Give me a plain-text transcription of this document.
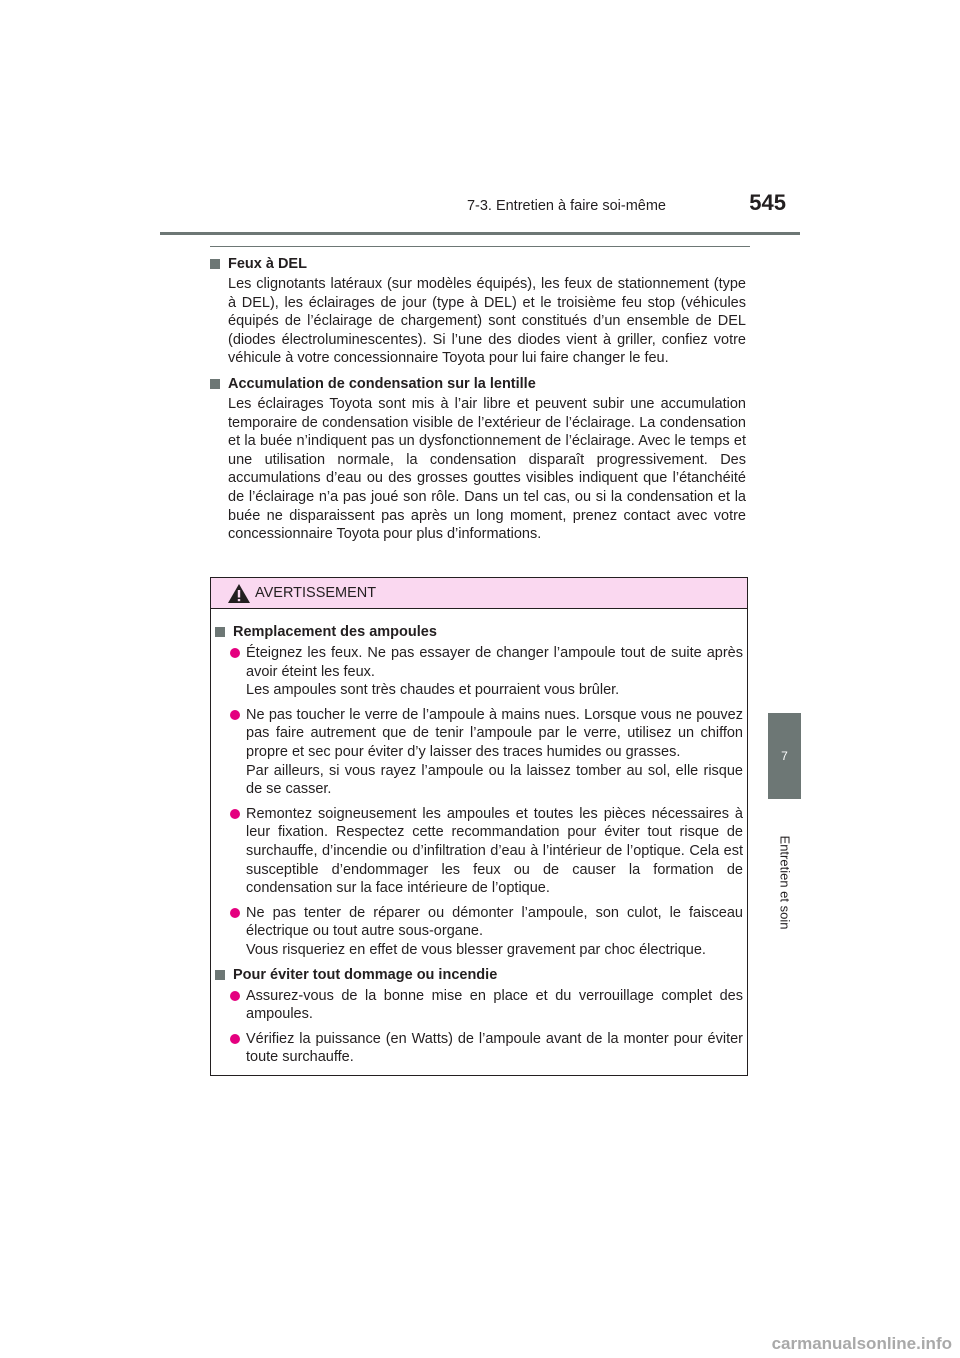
7-3. Entretien à faire soi-même	545
7
Entretien et soin
Feux à DEL

Les clignotants latéraux (sur modèles équipés), les feux de stationnement (type à DEL), les éclairages de jour (type à DEL) et le troisième feu stop (véhicules équipés de l’éclairage de chargement) sont constitués d’un ensemble de DEL (diodes électroluminescentes). Si l’une des diodes vient à griller, confiez votre véhicule à votre concessionnaire Toyota pour lui faire changer le feu.

Accumulation de condensation sur la lentille

Les éclairages Toyota sont mis à l’air libre et peuvent subir une accumulation temporaire de condensation visible de l’extérieur de l’éclairage. La condensation et la buée n’indiquent pas un dysfonctionnement de l’éclairage. Avec le temps et une utilisation normale, la condensation disparaît progressivement. Des accumulations d’eau ou des grosses gouttes visibles indiquent que l’étanchéité de l’éclairage n’a pas joué son rôle. Dans un tel cas, ou si la condensation et la buée ne disparaissent pas après un long moment, prenez contact avec votre concessionnaire Toyota pour plus d’informations.

AVERTISSEMENT
Remplacement des ampoules

Éteignez les feux. Ne pas essayer de changer l’ampoule tout de suite après avoir éteint les feux.

Les ampoules sont très chaudes et pourraient vous brûler.

Ne pas toucher le verre de l’ampoule à mains nues. Lorsque vous ne pouvez pas faire autrement que de tenir l’ampoule par le verre, utilisez un chiffon propre et sec pour éviter d’y laisser des traces humides ou grasses.

Par ailleurs, si vous rayez l’ampoule ou la laissez tomber au sol, elle risque de se casser.

Remontez soigneusement les ampoules et toutes les pièces nécessaires à leur fixation. Respectez cette recommandation pour éviter tout risque de surchauffe, d’incendie ou d’infiltration d’eau à l’intérieur de l’optique. Cela est susceptible d’endommager les feux ou de causer la formation de condensation sur la face intérieure de l’optique.

Ne pas tenter de réparer ou démonter l’ampoule, son culot, le faisceau électrique ou tout autre sous-organe.

Vous risqueriez en effet de vous blesser gravement par choc électrique.

Pour éviter tout dommage ou incendie

Assurez-vous de la bonne mise en place et du verrouillage complet des ampoules.

Vérifiez la puissance (en Watts) de l’ampoule avant de la monter pour éviter toute surchauffe.

carmanualsonline.info
